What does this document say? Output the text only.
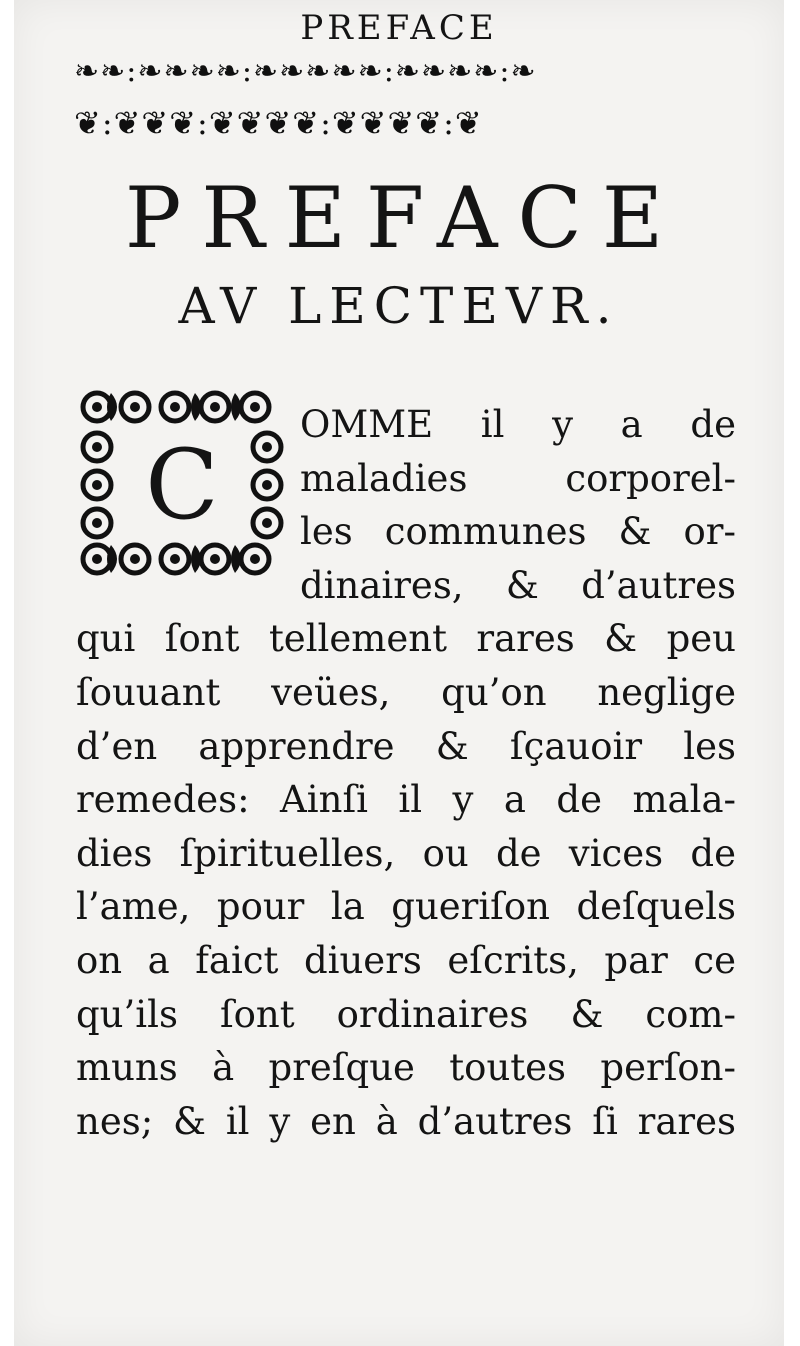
PREFACE
❧❧:❧❧❧❧:❧❧❧❧❧:❧❧❧❧:❧
❦:❦❦❦:❦❦❦❦:❦❦❦❦:❦
PREFACE
AV LECTEVR.
C
OMME il y a de
maladies corporel-
les communes & or-
dinaires, & d’autres
qui ſont tellement rares & peu
ſouuant veües, qu’on neglige
d’en apprendre & ſçauoir les
remedes: Ainſi il y a de mala-
dies ſpirituelles, ou de vices de
l’ame, pour la gueriſon deſquels
on a faict diuers eſcrits, par ce
qu’ils ſont ordinaires & com-
muns à preſque toutes perſon-
nes; & il y en à d’autres ſi rares
